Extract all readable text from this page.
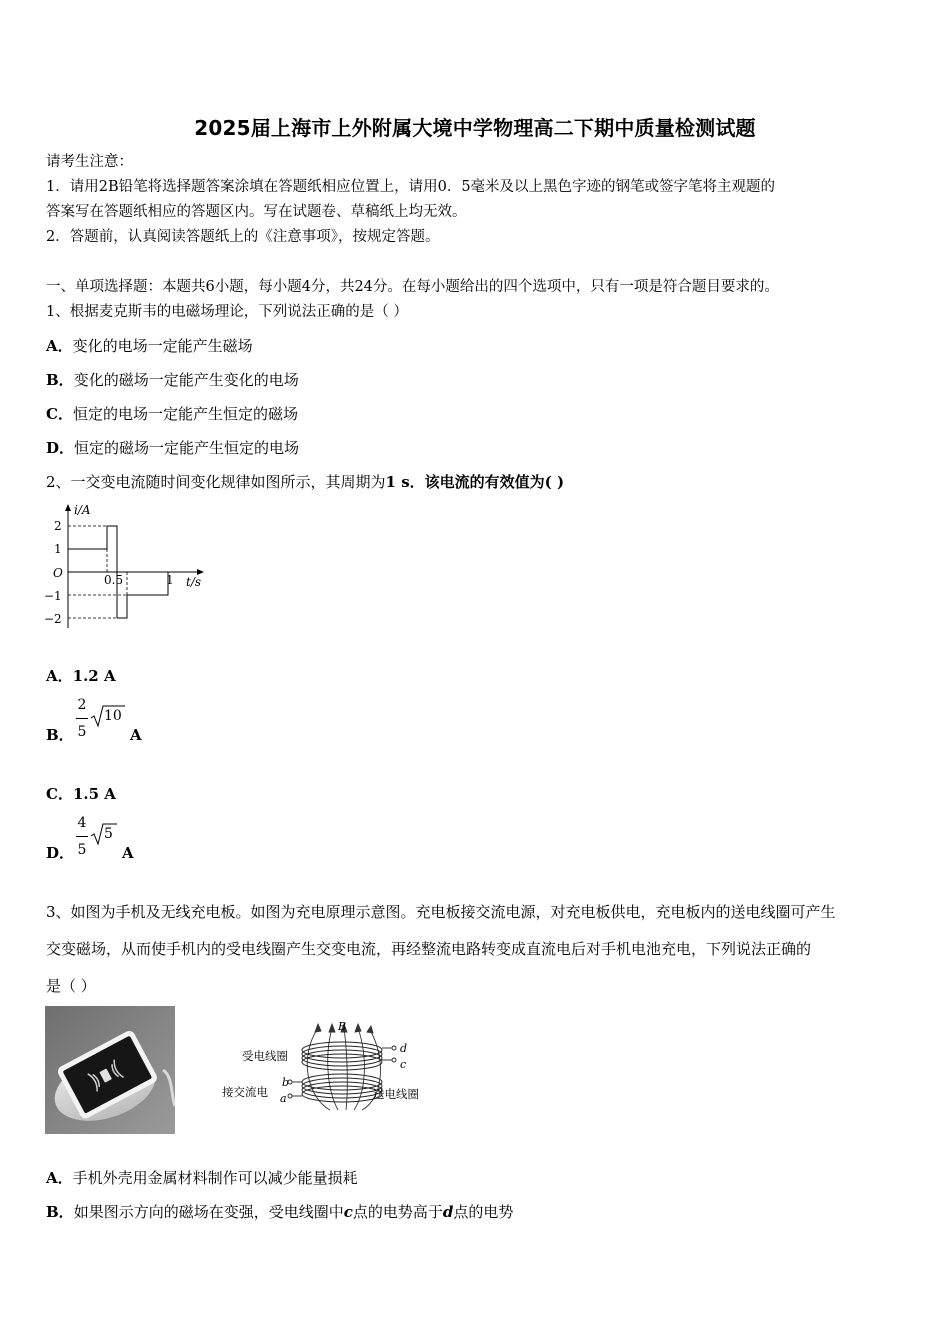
2025届上海市上外附属大境中学物理高二下期中质量检测试题
请考生注意：
1．请用2B铅笔将选择题答案涂填在答题纸相应位置上，请用0．5毫米及以上黑色字迹的钢笔或签字笔将主观题的
答案写在答题纸相应的答题区内。写在试题卷、草稿纸上均无效。
2．答题前，认真阅读答题纸上的《注意事项》，按规定答题。
一、单项选择题：本题共6小题，每小题4分，共24分。在每小题给出的四个选项中，只有一项是符合题目要求的。
1、根据麦克斯韦的电磁场理论，下列说法正确的是（ ）
A．变化的电场一定能产生磁场
B．变化的磁场一定能产生变化的电场
C．恒定的电场一定能产生恒定的磁场
D．恒定的磁场一定能产生恒定的电场
2、一交变电流随时间变化规律如图所示，其周期为1 s．该电流的有效值为( )
i/A
t/s
O
2
1
−1
−2
0.5	1
A．1.2 A
B．
2
5
10
A
C．1.5 A
D．
4
5
5
A
3、如图为手机及无线充电板。如图为充电原理示意图。充电板接交流电源，对充电板供电，充电板内的送电线圈可产生
交变磁场，从而使手机内的受电线圈产生交变电流，再经整流电路转变成直流电后对手机电池充电，下列说法正确的
是（ ）
B
d
c
b
a
受电线圈
接交流电	送电线圈
A．手机外壳用金属材料制作可以减少能量损耗
B．如果图示方向的磁场在变强，受电线圈中c点的电势高于d点的电势
